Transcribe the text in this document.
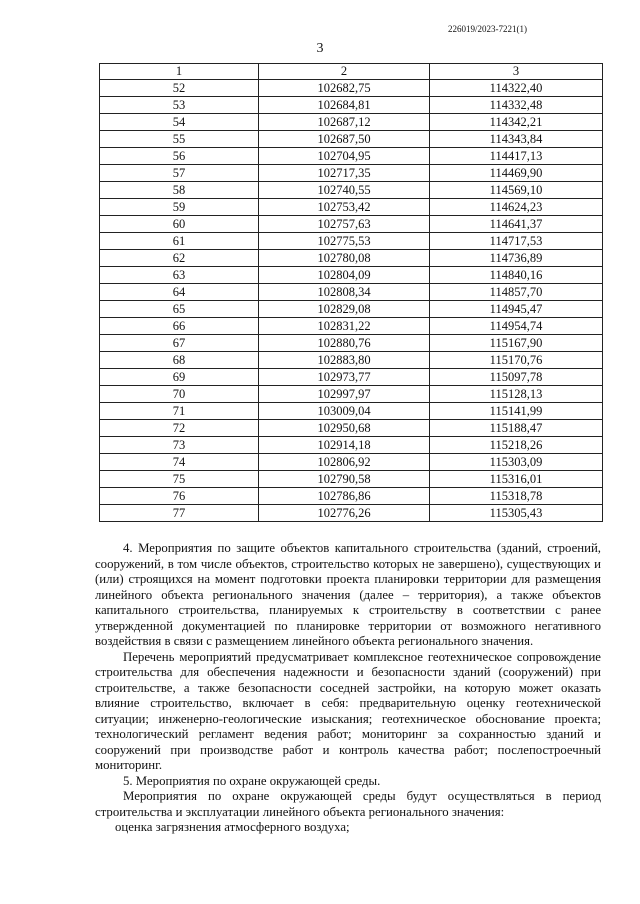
226019/2023-7221(1)
3
1	2	3
52	102682,75	114322,40
53	102684,81	114332,48
54	102687,12	114342,21
55	102687,50	114343,84
56	102704,95	114417,13
57	102717,35	114469,90
58	102740,55	114569,10
59	102753,42	114624,23
60	102757,63	114641,37
61	102775,53	114717,53
62	102780,08	114736,89
63	102804,09	114840,16
64	102808,34	114857,70
65	102829,08	114945,47
66	102831,22	114954,74
67	102880,76	115167,90
68	102883,80	115170,76
69	102973,77	115097,78
70	102997,97	115128,13
71	103009,04	115141,99
72	102950,68	115188,47
73	102914,18	115218,26
74	102806,92	115303,09
75	102790,58	115316,01
76	102786,86	115318,78
77	102776,26	115305,43

4. Мероприятия по защите объектов капитального строительства (зданий, строений, сооружений, в том числе объектов, строительство которых не завершено), существующих и (или) строящихся на момент подготовки проекта планировки территории для размещения линейного объекта регионального значения (далее – территория), а также объектов капитального строительства, планируемых к строительству в соответствии с ранее утвержденной документацией по планировке территории от возможного негативного воздействия в связи с размещением линейного объекта регионального значения.

Перечень мероприятий предусматривает комплексное геотехническое сопровождение строительства для обеспечения надежности и безопасности зданий (сооружений) при строительстве, а также безопасности соседней застройки, на которую может оказать влияние строительство, включает в себя: предварительную оценку геотехнической ситуации; инженерно-геологические изыскания; геотехническое обоснование проекта; технологический регламент ведения работ; мониторинг за сохранностью зданий и сооружений при производстве работ и контроль качества работ; послепостроечный мониторинг.

5. Мероприятия по охране окружающей среды.

Мероприятия по охране окружающей среды будут осуществляться в период строительства и эксплуатации линейного объекта регионального значения:

оценка загрязнения атмосферного воздуха;
